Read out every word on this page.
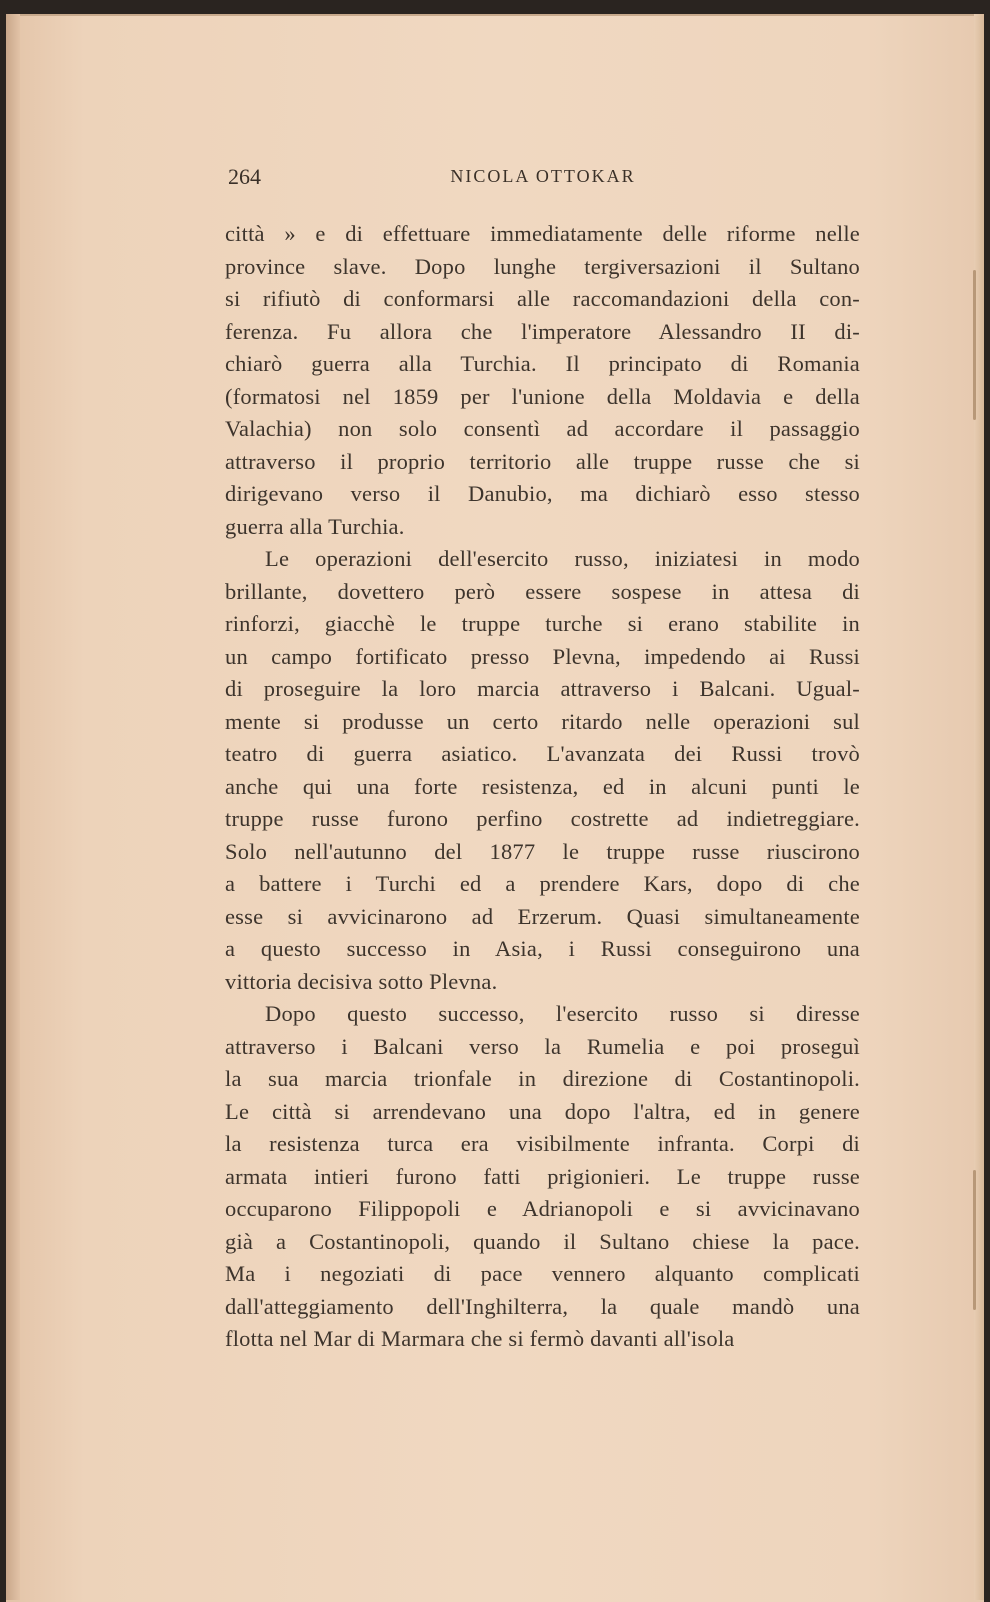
264	NICOLA OTTOKAR
città » e di effettuare immediatamente delle riforme nelle
province slave. Dopo lunghe tergiversazioni il Sultano
si rifiutò di conformarsi alle raccomandazioni della con-
ferenza. Fu allora che l'imperatore Alessandro II di-
chiarò guerra alla Turchia. Il principato di Romania
(formatosi nel 1859 per l'unione della Moldavia e della
Valachia) non solo consentì ad accordare il passaggio
attraverso il proprio territorio alle truppe russe che si
dirigevano verso il Danubio, ma dichiarò esso stesso
guerra alla Turchia.
Le operazioni dell'esercito russo, iniziatesi in modo
brillante, dovettero però essere sospese in attesa di
rinforzi, giacchè le truppe turche si erano stabilite in
un campo fortificato presso Plevna, impedendo ai Russi
di proseguire la loro marcia attraverso i Balcani. Ugual-
mente si produsse un certo ritardo nelle operazioni sul
teatro di guerra asiatico. L'avanzata dei Russi trovò
anche qui una forte resistenza, ed in alcuni punti le
truppe russe furono perfino costrette ad indietreggiare.
Solo nell'autunno del 1877 le truppe russe riuscirono
a battere i Turchi ed a prendere Kars, dopo di che
esse si avvicinarono ad Erzerum. Quasi simultaneamente
a questo successo in Asia, i Russi conseguirono una
vittoria decisiva sotto Plevna.
Dopo questo successo, l'esercito russo si diresse
attraverso i Balcani verso la Rumelia e poi proseguì
la sua marcia trionfale in direzione di Costantinopoli.
Le città si arrendevano una dopo l'altra, ed in genere
la resistenza turca era visibilmente infranta. Corpi di
armata intieri furono fatti prigionieri. Le truppe russe
occuparono Filippopoli e Adrianopoli e si avvicinavano
già a Costantinopoli, quando il Sultano chiese la pace.
Ma i negoziati di pace vennero alquanto complicati
dall'atteggiamento dell'Inghilterra, la quale mandò una
flotta nel Mar di Marmara che si fermò davanti all'isola
